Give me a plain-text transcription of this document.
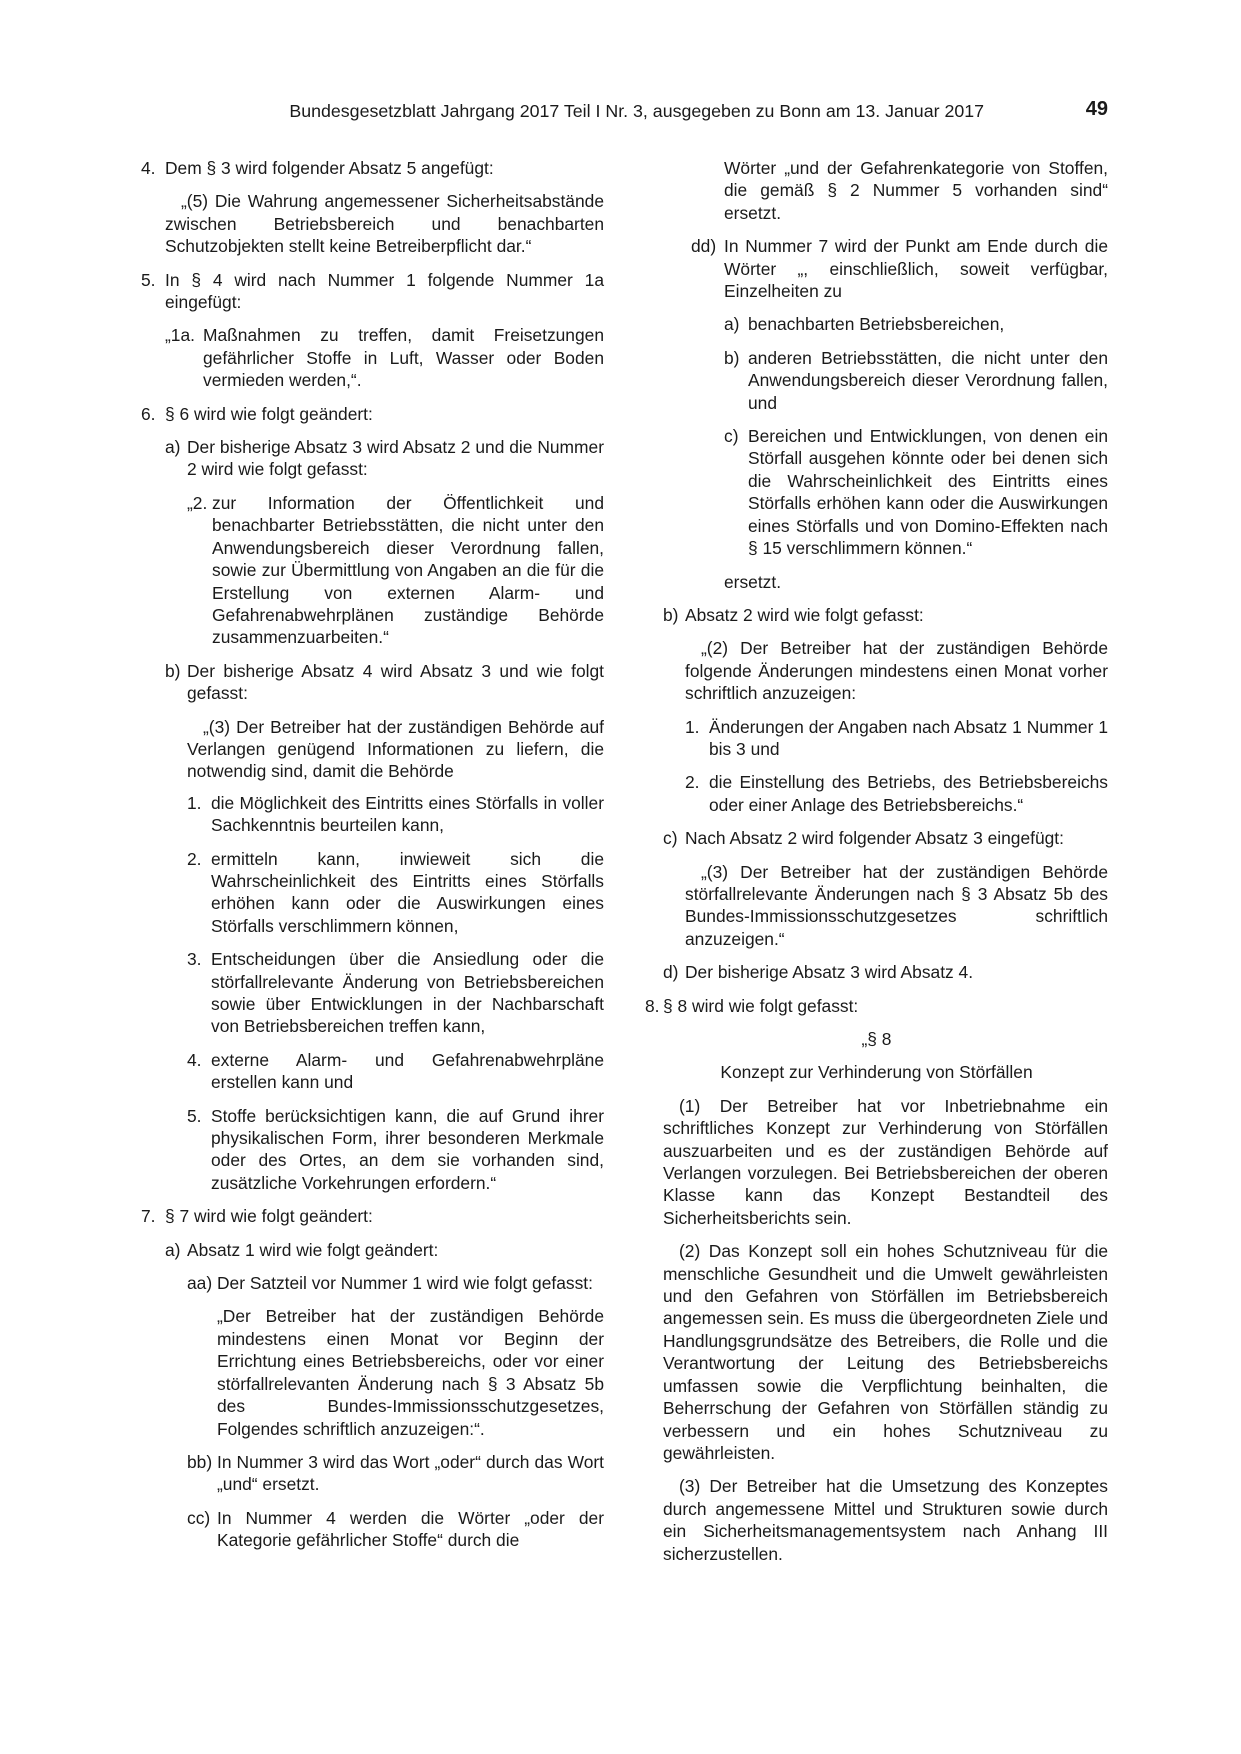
Bundesgesetzblatt Jahrgang 2017 Teil I Nr. 3, ausgegeben zu Bonn am 13. Januar 2017	49
4. Dem § 3 wird folgender Absatz 5 angefügt:

„(5) Die Wahrung angemessener Sicherheitsabstände zwischen Betriebsbereich und benachbarten Schutzobjekten stellt keine Betreiberpflicht dar.“

5. In § 4 wird nach Nummer 1 folgende Nummer 1a eingefügt:
„1a. Maßnahmen zu treffen, damit Freisetzungen gefährlicher Stoffe in Luft, Wasser oder Boden vermieden werden,“.
6. § 6 wird wie folgt geändert:
a) Der bisherige Absatz 3 wird Absatz 2 und die Nummer 2 wird wie folgt gefasst:
„2. zur Information der Öffentlichkeit und benachbarter Betriebsstätten, die nicht unter den Anwendungsbereich dieser Verordnung fallen, sowie zur Übermittlung von Angaben an die für die Erstellung von externen Alarm- und Gefahrenabwehrplänen zuständige Behörde zusammenzuarbeiten.“
b) Der bisherige Absatz 4 wird Absatz 3 und wie folgt gefasst:

„(3) Der Betreiber hat der zuständigen Behörde auf Verlangen genügend Informationen zu liefern, die notwendig sind, damit die Behörde

1. die Möglichkeit des Eintritts eines Störfalls in voller Sachkenntnis beurteilen kann,
2. ermitteln kann, inwieweit sich die Wahrscheinlichkeit des Eintritts eines Störfalls erhöhen kann oder die Auswirkungen eines Störfalls verschlimmern können,
3. Entscheidungen über die Ansiedlung oder die störfallrelevante Änderung von Betriebsbereichen sowie über Entwicklungen in der Nachbarschaft von Betriebsbereichen treffen kann,
4. externe Alarm- und Gefahrenabwehrpläne erstellen kann und
5. Stoffe berücksichtigen kann, die auf Grund ihrer physikalischen Form, ihrer besonderen Merkmale oder des Ortes, an dem sie vorhanden sind, zusätzliche Vorkehrungen erfordern.“
7. § 7 wird wie folgt geändert:
a) Absatz 1 wird wie folgt geändert:
aa) Der Satzteil vor Nummer 1 wird wie folgt gefasst:

„Der Betreiber hat der zuständigen Behörde mindestens einen Monat vor Beginn der Errichtung eines Betriebsbereichs, oder vor einer störfallrelevanten Änderung nach § 3 Absatz 5b des Bundes-Immissionsschutzgesetzes, Folgendes schriftlich anzuzeigen:“.

bb) In Nummer 3 wird das Wort „oder“ durch das Wort „und“ ersetzt.
cc) In Nummer 4 werden die Wörter „oder der Kategorie gefährlicher Stoffe“ durch die

Wörter „und der Gefahrenkategorie von Stoffen, die gemäß § 2 Nummer 5 vorhanden sind“ ersetzt.

dd) In Nummer 7 wird der Punkt am Ende durch die Wörter „, einschließlich, soweit verfügbar, Einzelheiten zu
a) benachbarten Betriebsbereichen,
b) anderen Betriebsstätten, die nicht unter den Anwendungsbereich dieser Verordnung fallen, und
c) Bereichen und Entwicklungen, von denen ein Störfall ausgehen könnte oder bei denen sich die Wahrscheinlichkeit des Eintritts eines Störfalls erhöhen kann oder die Auswirkungen eines Störfalls und von Domino-Effekten nach § 15 verschlimmern können.“

ersetzt.

b) Absatz 2 wird wie folgt gefasst:

„(2) Der Betreiber hat der zuständigen Behörde folgende Änderungen mindestens einen Monat vorher schriftlich anzuzeigen:

1. Änderungen der Angaben nach Absatz 1 Nummer 1 bis 3 und
2. die Einstellung des Betriebs, des Betriebsbereichs oder einer Anlage des Betriebsbereichs.“
c) Nach Absatz 2 wird folgender Absatz 3 eingefügt:

„(3) Der Betreiber hat der zuständigen Behörde störfallrelevante Änderungen nach § 3 Absatz 5b des Bundes-Immissionsschutzgesetzes schriftlich anzuzeigen.“

d) Der bisherige Absatz 3 wird Absatz 4.
8. § 8 wird wie folgt gefasst:
„§ 8
Konzept zur Verhinderung von Störfällen

(1) Der Betreiber hat vor Inbetriebnahme ein schriftliches Konzept zur Verhinderung von Störfällen auszuarbeiten und es der zuständigen Behörde auf Verlangen vorzulegen. Bei Betriebsbereichen der oberen Klasse kann das Konzept Bestandteil des Sicherheitsberichts sein.

(2) Das Konzept soll ein hohes Schutzniveau für die menschliche Gesundheit und die Umwelt gewährleisten und den Gefahren von Störfällen im Betriebsbereich angemessen sein. Es muss die übergeordneten Ziele und Handlungsgrundsätze des Betreibers, die Rolle und die Verantwortung der Leitung des Betriebsbereichs umfassen sowie die Verpflichtung beinhalten, die Beherrschung der Gefahren von Störfällen ständig zu verbessern und ein hohes Schutzniveau zu gewährleisten.

(3) Der Betreiber hat die Umsetzung des Konzeptes durch angemessene Mittel und Strukturen sowie durch ein Sicherheitsmanagementsystem nach Anhang III sicherzustellen.
